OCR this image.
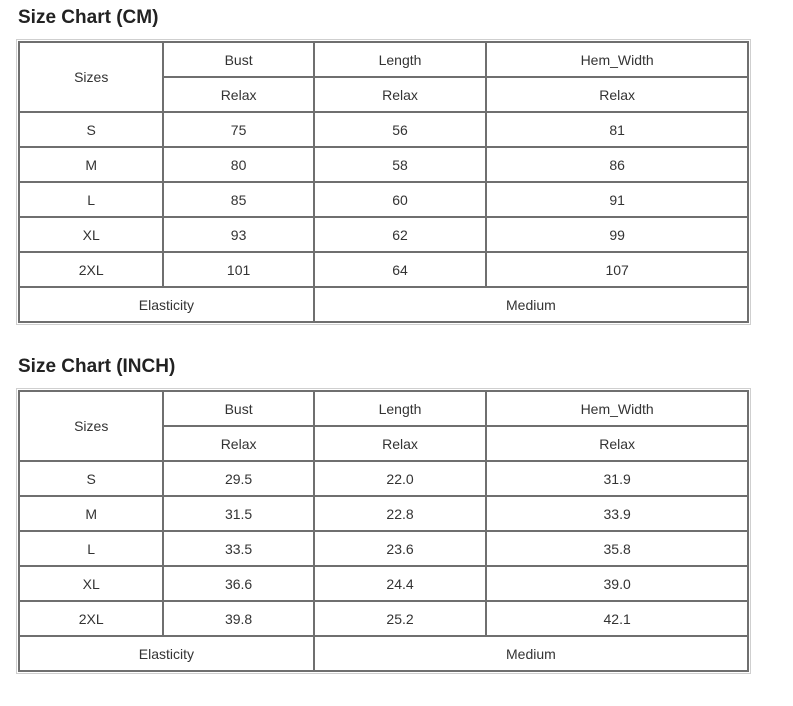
Size Chart (CM)
Sizes	Bust	Length	Hem_Width
	Relax	Relax	Relax
S	75	56	81
M	80	58	86
L	85	60	91
XL	93	62	99
2XL	101	64	107
Elasticity		Medium	
Size Chart (INCH)
Sizes	Bust	Length	Hem_Width
	Relax	Relax	Relax
S	29.5	22.0	31.9
M	31.5	22.8	33.9
L	33.5	23.6	35.8
XL	36.6	24.4	39.0
2XL	39.8	25.2	42.1
Elasticity		Medium	
